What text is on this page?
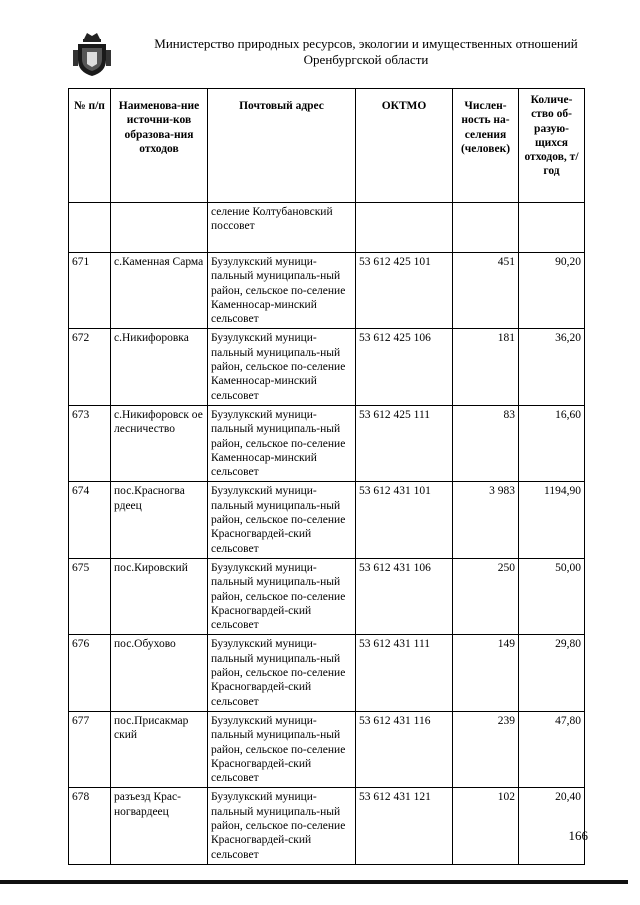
Министерство природных ресурсов, экологии и имущественных отношений
Оренбургской области
№ п/п	Наименова-ние источни-ков образова-ния отходов	Почтовый адрес	ОКТМО	Числен-ность на-селения (человек)	Количе-ство об-разую-щихся отходов, т/год
		селение Колтубановский поссовет			
671	с.Каменная Сарма	Бузулукский муници-пальный муниципаль-ный район, сельское по-селение Каменносар-минский сельсовет	53 612 425 101	451	90,20
672	с.Никифоровка	Бузулукский муници-пальный муниципаль-ный район, сельское по-селение Каменносар-минский сельсовет	53 612 425 106	181	36,20
673	с.Никифоровск ое лесничество	Бузулукский муници-пальный муниципаль-ный район, сельское по-селение Каменносар-минский сельсовет	53 612 425 111	83	16,60
674	пос.Красногва рдеец	Бузулукский муници-пальный муниципаль-ный район, сельское по-селение Красногвардей-ский сельсовет	53 612 431 101	3 983	1194,90
675	пос.Кировский	Бузулукский муници-пальный муниципаль-ный район, сельское по-селение Красногвардей-ский сельсовет	53 612 431 106	250	50,00
676	пос.Обухово	Бузулукский муници-пальный муниципаль-ный район, сельское по-селение Красногвардей-ский сельсовет	53 612 431 111	149	29,80
677	пос.Присакмар ский	Бузулукский муници-пальный муниципаль-ный район, сельское по-селение Красногвардей-ский сельсовет	53 612 431 116	239	47,80
678	разъезд Крас-ногвардеец	Бузулукский муници-пальный муниципаль-ный район, сельское по-селение Красногвардей-ский сельсовет	53 612 431 121	102	20,40
166
